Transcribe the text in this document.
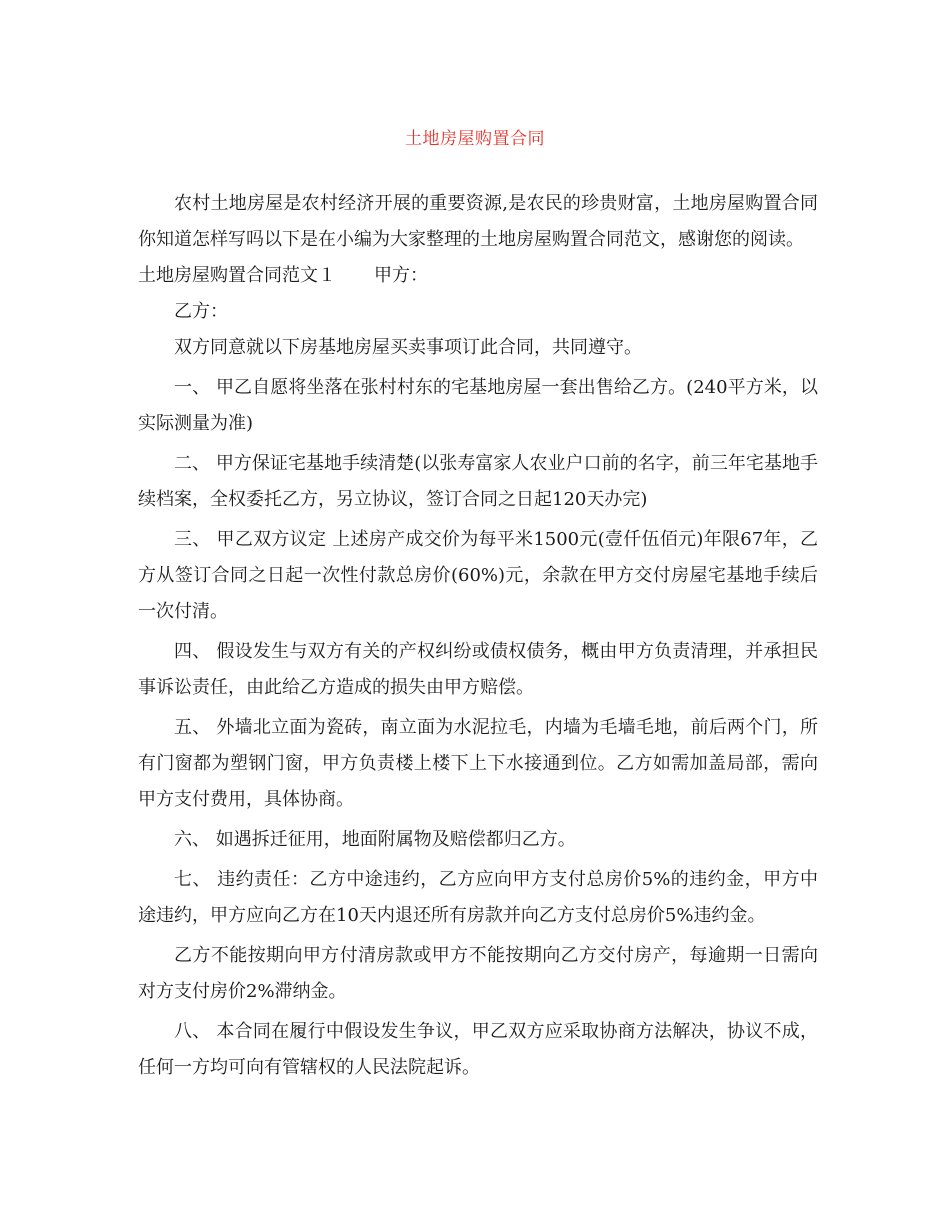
土地房屋购置合同

农村土地房屋是农村经济开展的重要资源,是农民的珍贵财富，土地房屋购置合同你知道怎样写吗以下是在小编为大家整理的土地房屋购置合同范文，感谢您的阅读。

土地房屋购置合同范文１ 甲方：

乙方：

双方同意就以下房基地房屋买卖事项订此合同，共同遵守。

一、 甲乙自愿将坐落在张村村东的宅基地房屋一套出售给乙方。(240平方米，以实际测量为准)

二、 甲方保证宅基地手续清楚(以张寿富家人农业户口前的名字，前三年宅基地手续档案，全权委托乙方，另立协议，签订合同之日起120天办完)

三、 甲乙双方议定 上述房产成交价为每平米1500元(壹仟伍佰元)年限67年，乙方从签订合同之日起一次性付款总房价(60%)元，余款在甲方交付房屋宅基地手续后一次付清。

四、 假设发生与双方有关的产权纠纷或债权债务，概由甲方负责清理，并承担民事诉讼责任，由此给乙方造成的损失由甲方赔偿。

五、 外墙北立面为瓷砖，南立面为水泥拉毛，内墙为毛墙毛地，前后两个门，所有门窗都为塑钢门窗，甲方负责楼上楼下上下水接通到位。乙方如需加盖局部，需向甲方支付费用，具体协商。

六、 如遇拆迁征用，地面附属物及赔偿都归乙方。

七、 违约责任：乙方中途违约，乙方应向甲方支付总房价5%的违约金，甲方中途违约，甲方应向乙方在10天内退还所有房款并向乙方支付总房价5%违约金。

乙方不能按期向甲方付清房款或甲方不能按期向乙方交付房产，每逾期一日需向对方支付房价2%滞纳金。

八、 本合同在履行中假设发生争议，甲乙双方应采取协商方法解决，协议不成，任何一方均可向有管辖权的人民法院起诉。
